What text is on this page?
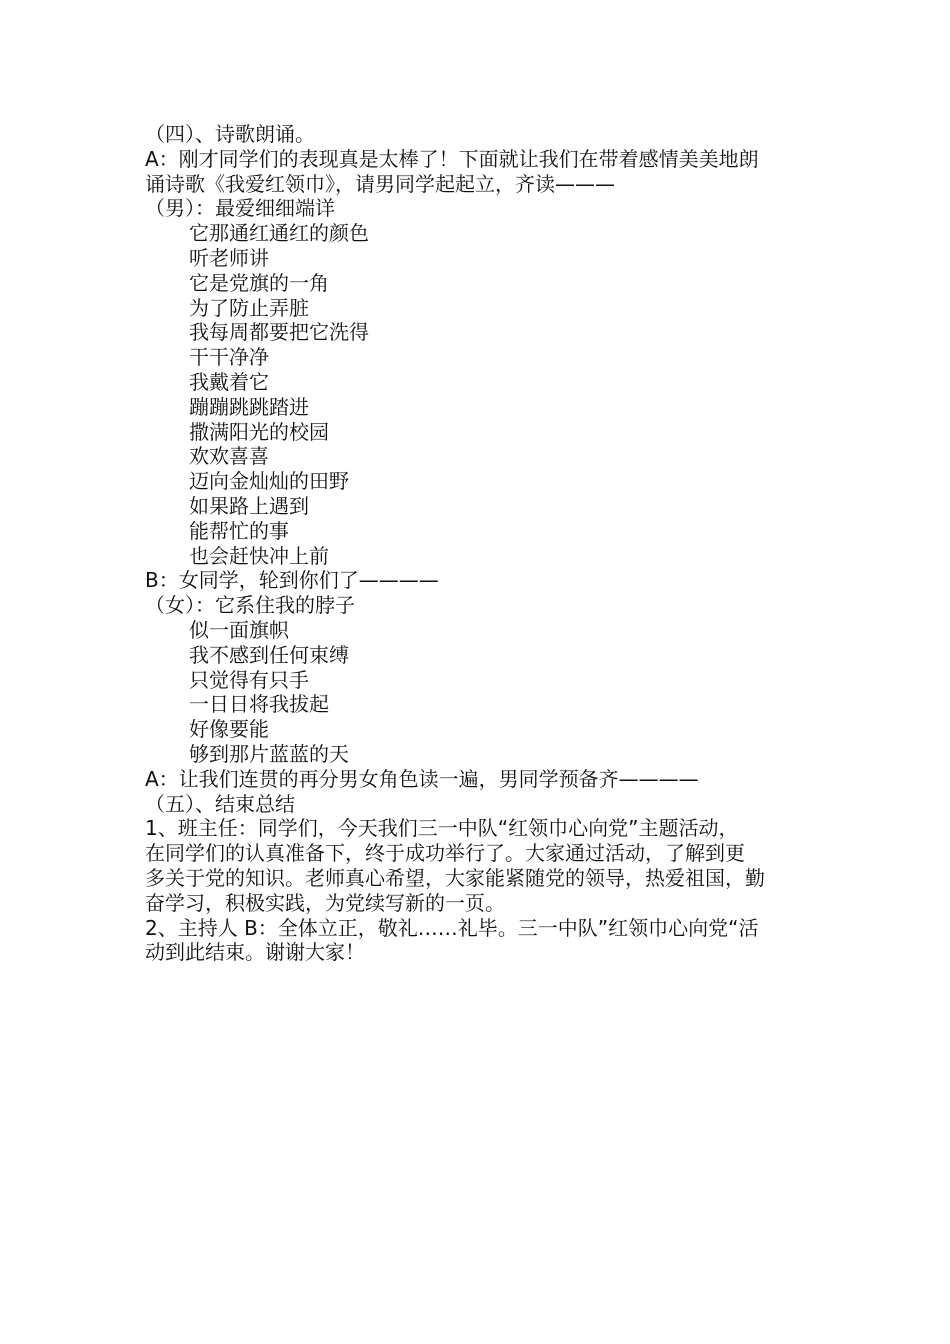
（四）、诗歌朗诵。
A：刚才同学们的表现真是太棒了！下面就让我们在带着感情美美地朗
诵诗歌《我爱红领巾》，请男同学起起立，齐读———
（男）：最爱细细端详
它那通红通红的颜色
听老师讲
它是党旗的一角
为了防止弄脏
我每周都要把它洗得
干干净净
我戴着它
蹦蹦跳跳踏进
撒满阳光的校园
欢欢喜喜
迈向金灿灿的田野
如果路上遇到
能帮忙的事
也会赶快冲上前
B：女同学，轮到你们了————
（女）：它系住我的脖子
似一面旗帜
我不感到任何束缚
只觉得有只手
一日日将我拔起
好像要能
够到那片蓝蓝的天
A：让我们连贯的再分男女角色读一遍，男同学预备齐————
（五）、结束总结
1、班主任：同学们，今天我们三一中队“红领巾心向党”主题活动，
在同学们的认真准备下，终于成功举行了。大家通过活动，了解到更
多关于党的知识。老师真心希望，大家能紧随党的领导，热爱祖国，勤
奋学习，积极实践，为党续写新的一页。
2、主持人 B：全体立正，敬礼……礼毕。三一中队”红领巾心向党“活
动到此结束。谢谢大家！
